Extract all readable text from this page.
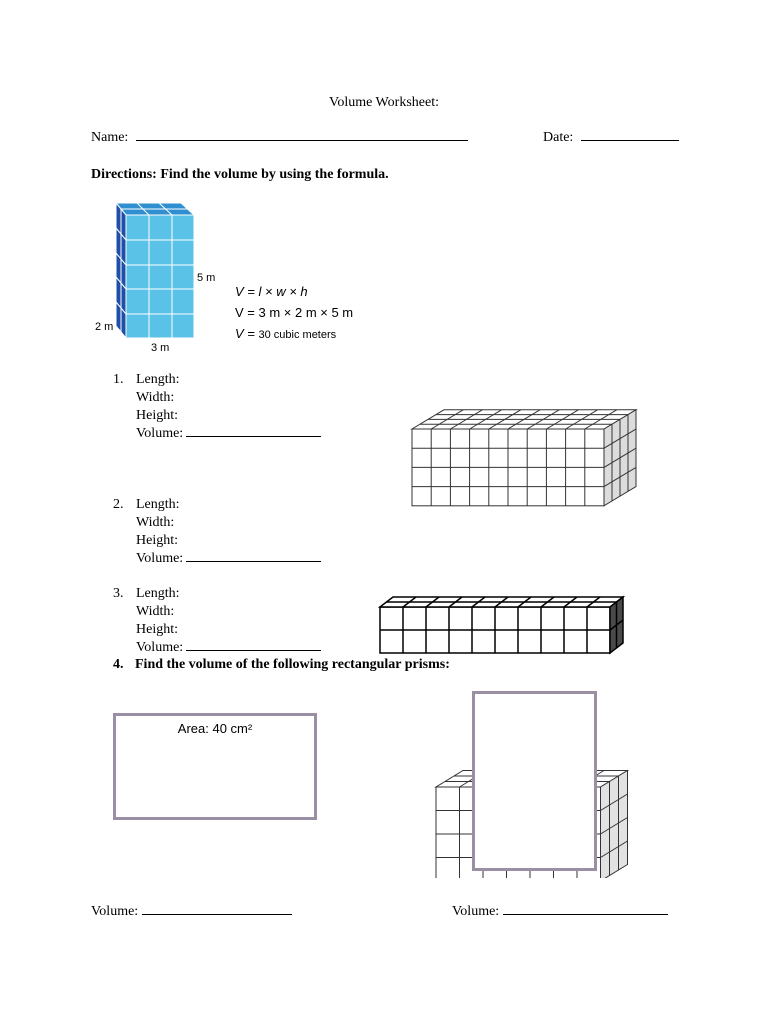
Volume Worksheet:
Name:	Date:
Directions: Find the volume by using the formula.
5 m
2 m
3 m
V = l × w × h
V = 3 m × 2 m × 5 m
V = 30 cubic meters
1. Length:
Width:
Height:
Volume:
2. Length:
Width:
Height:
Volume:
3. Length:
Width:
Height:
Volume:
4. Find the volume of the following rectangular prisms:
Area: 40 cm²
Volume:	Volume:
